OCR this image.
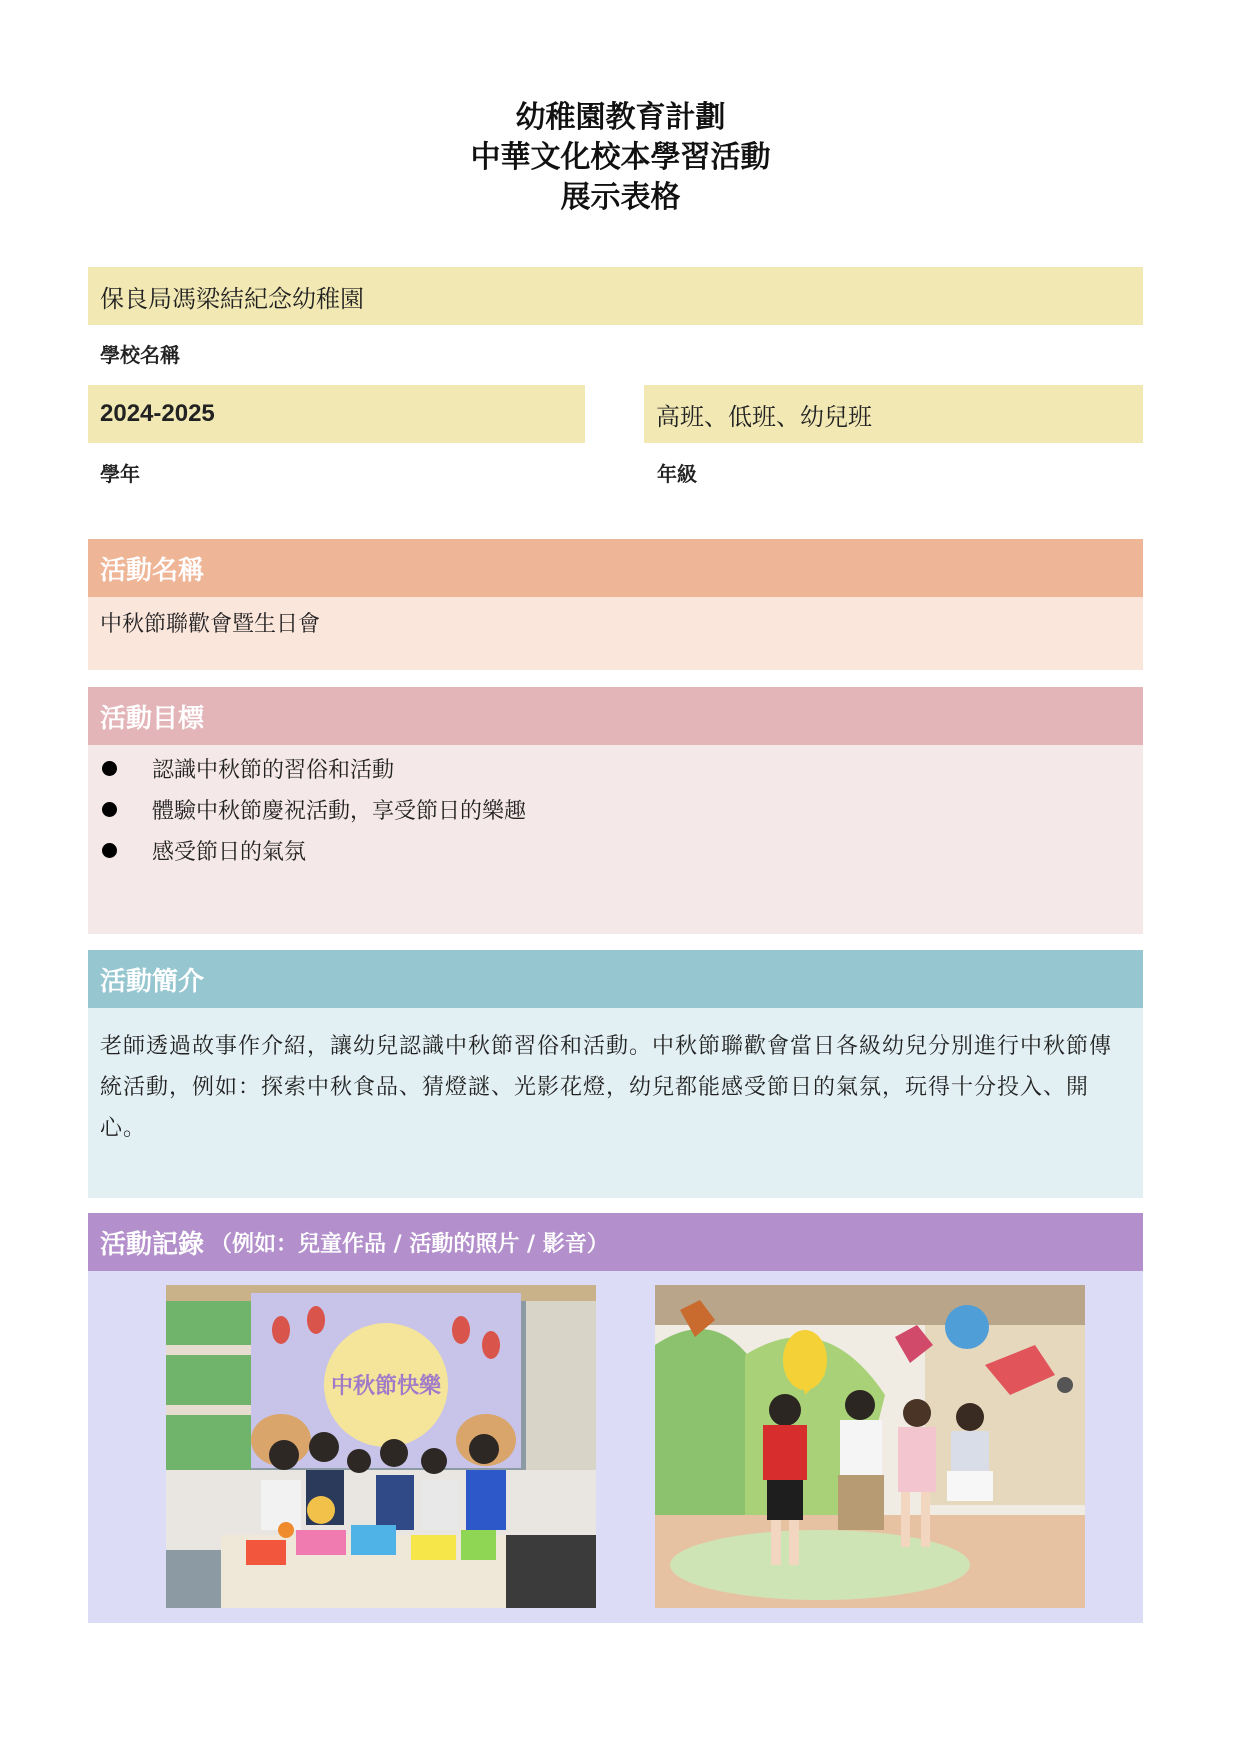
幼稚園教育計劃
中華文化校本學習活動
展示表格
保良局馮梁結紀念幼稚園
學校名稱
2024-2025
學年
高班、低班、幼兒班
年級
活動名稱
中秋節聯歡會暨生日會
活動目標
認識中秋節的習俗和活動
體驗中秋節慶祝活動，享受節日的樂趣
感受節日的氣氛
活動簡介
老師透過故事作介紹，讓幼兒認識中秋節習俗和活動。中秋節聯歡會當日各級幼兒分別進行中秋節傳統活動，例如：探索中秋食品、猜燈謎、光影花燈，幼兒都能感受節日的氣氛，玩得十分投入、開心。
活動記錄 （例如：兒童作品 / 活動的照片 / 影音）
中秋節快樂
